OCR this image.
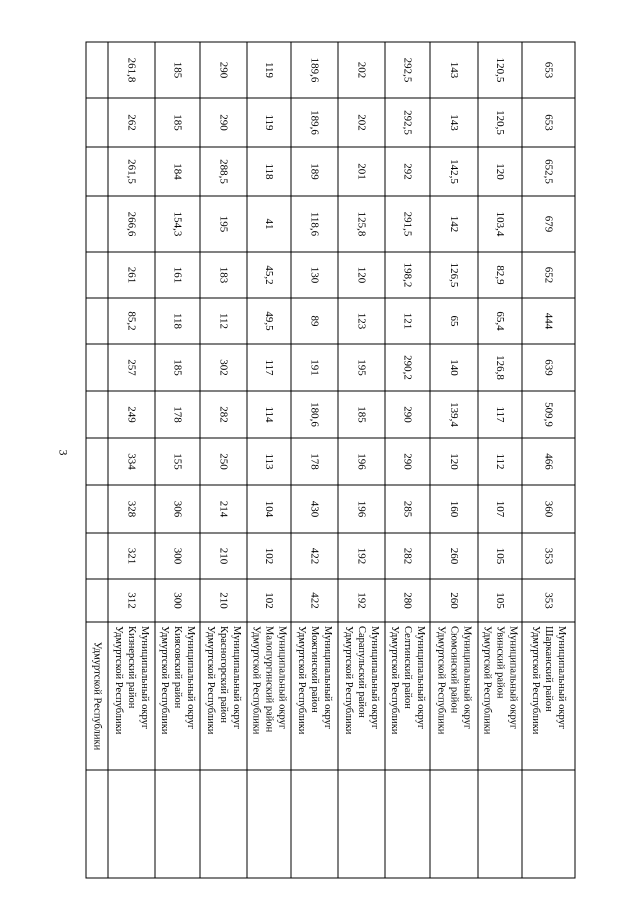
3
Удмуртской Республики
312
321
328
334
249
257
85,2
261
266,6
261,5
262
261,8
Муниципальный округ
Кизнерский район
Удмуртской Республики
300
300
306
155
178
185
118
161
154,3
184
185
185
Муниципальный округ
Киясовский район
Удмуртской Республики
210
210
214
250
282
302
112
183
195
288,5
290
290
Муниципальный округ
Красногорский район
Удмуртской Республики
102
102
104
113
114
117
49,5
45,2
41
118
119
119
Муниципальный округ
Малопургинский район
Удмуртской Республики
422
422
430
178
180,6
191
89
130
118,6
189
189,6
189,6
Муниципальный округ
Можгинский район
Удмуртской Республики
192
192
196
196
185
195
123
120
125,8
201
202
202
Муниципальный округ
Сарапульский район
Удмуртской Республики
280
282
285
290
290
290,2
121
198,2
291,5
292
292,5
292,5
Муниципальный округ
Селтинский район
Удмуртской Республики
260
260
160
120
139,4
140
65
126,5
142
142,5
143
143
Муниципальный округ
Сюмсинский район
Удмуртской Республики
105
105
107
112
117
126,8
65,4
82,9
103,4
120
120,5
120,5
Муниципальный округ
Увинский район
Удмуртской Республики
353
353
360
466
509,9
639
444
652
679
652,5
653
653
Муниципальный округ
Шарканский район
Удмуртской Республики
